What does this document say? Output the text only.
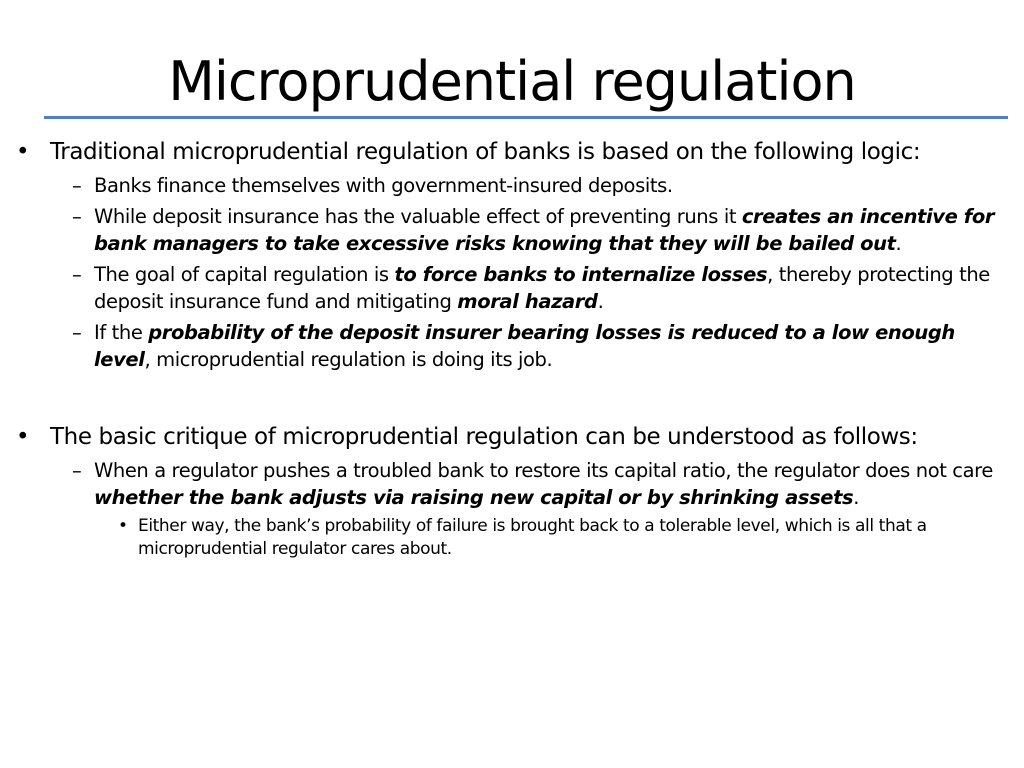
Microprudential regulation
• Traditional microprudential regulation of banks is based on the following logic:
– Banks finance themselves with government-insured deposits.
– While deposit insurance has the valuable effect of preventing runs it creates an incentive for bank managers to take excessive risks knowing that they will be bailed out.
– The goal of capital regulation is to force banks to internalize losses, thereby protecting the deposit insurance fund and mitigating moral hazard.
– If the probability of the deposit insurer bearing losses is reduced to a low enough level, microprudential regulation is doing its job.
• The basic critique of microprudential regulation can be understood as follows:
– When a regulator pushes a troubled bank to restore its capital ratio, the regulator does not care whether the bank adjusts via raising new capital or by shrinking assets.
• Either way, the bank’s probability of failure is brought back to a tolerable level, which is all that a microprudential regulator cares about.
